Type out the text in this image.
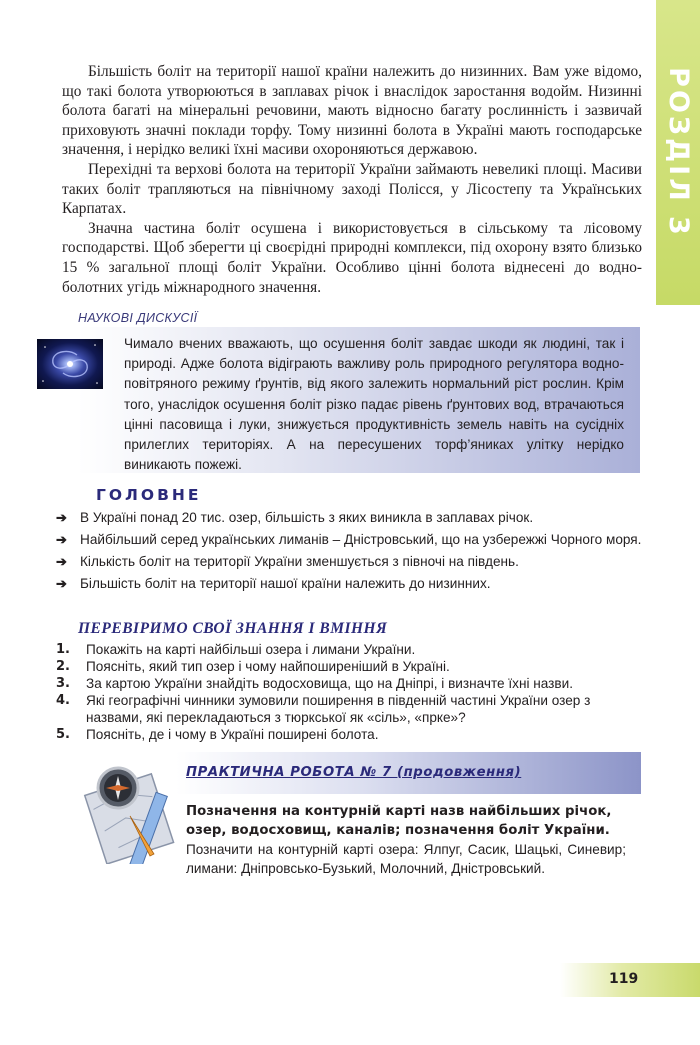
РОЗДІЛ 3

Більшість боліт на території нашої країни належить до низинних. Вам уже відомо, що такі болота утворюються в заплавах річок і внаслідок заростання водойм. Низинні болота багаті на мінеральні речовини, мають відносно багату рослинність і зазвичай приховують значні поклади торфу. Тому низинні болота в Україні мають господарське значення, і нерідко великі їхні масиви охороняються державою.

Перехідні та верхові болота на території України займають невеликі площі. Масиви таких боліт трапляються на північному заході Полісся, у Лісостепу та Українських Карпатах.

Значна частина боліт осушена і використовується в сільському та лісовому господарстві. Щоб зберегти ці своєрідні природні комплекси, під охорону взято близько 15 % загальної площі боліт України. Особливо цінні болота віднесені до водно-болотних угідь міжнародного значення.

НАУКОВІ ДИСКУСІЇ
Чимало вчених вважають, що осушення боліт завдає шкоди як людині, так і природі. Адже болота відіграють важливу роль природного регулятора водно-повітряного режиму ґрунтів, від якого залежить нормальний ріст рослин. Крім того, унаслідок осушення боліт різко падає рівень ґрунтових вод, втрачаються цінні пасовища і луки, знижується продуктивність земель навіть на сусідніх прилеглих територіях. А на пересушених торф’яниках улітку нерідко виникають пожежі.
ГОЛОВНЕ
➔ В Україні понад 20 тис. озер, більшість з яких виникла в заплавах річок.
➔ Найбільший серед українських лиманів – Дністровський, що на узбережжі Чорного моря.
➔ Кількість боліт на території України зменшується з півночі на південь.
➔ Більшість боліт на території нашої країни належить до низинних.
ПЕРЕВІРИМО СВОЇ ЗНАННЯ І ВМІННЯ
1. Покажіть на карті найбільші озера і лимани України.
2. Поясніть, який тип озер і чому найпоширеніший в Україні.
3. За картою України знайдіть водосховища, що на Дніпрі, і визначте їхні назви.
4. Які географічні чинники зумовили поширення в південній частині України озер з назвами, які перекладаються з тюркської як «сіль», «прке»?
5. Поясніть, де і чому в Україні поширені болота.
ПРАКТИЧНА РОБОТА № 7 (продовження)
Позначення на контурній карті назв найбільших річок, озер, водосховищ, каналів; позначення боліт України.
Позначити на контурній карті озера: Ялпуг, Сасик, Шацькі, Синевир; лимани: Дніпровсько-Бузький, Молочний, Дністровський.
119
